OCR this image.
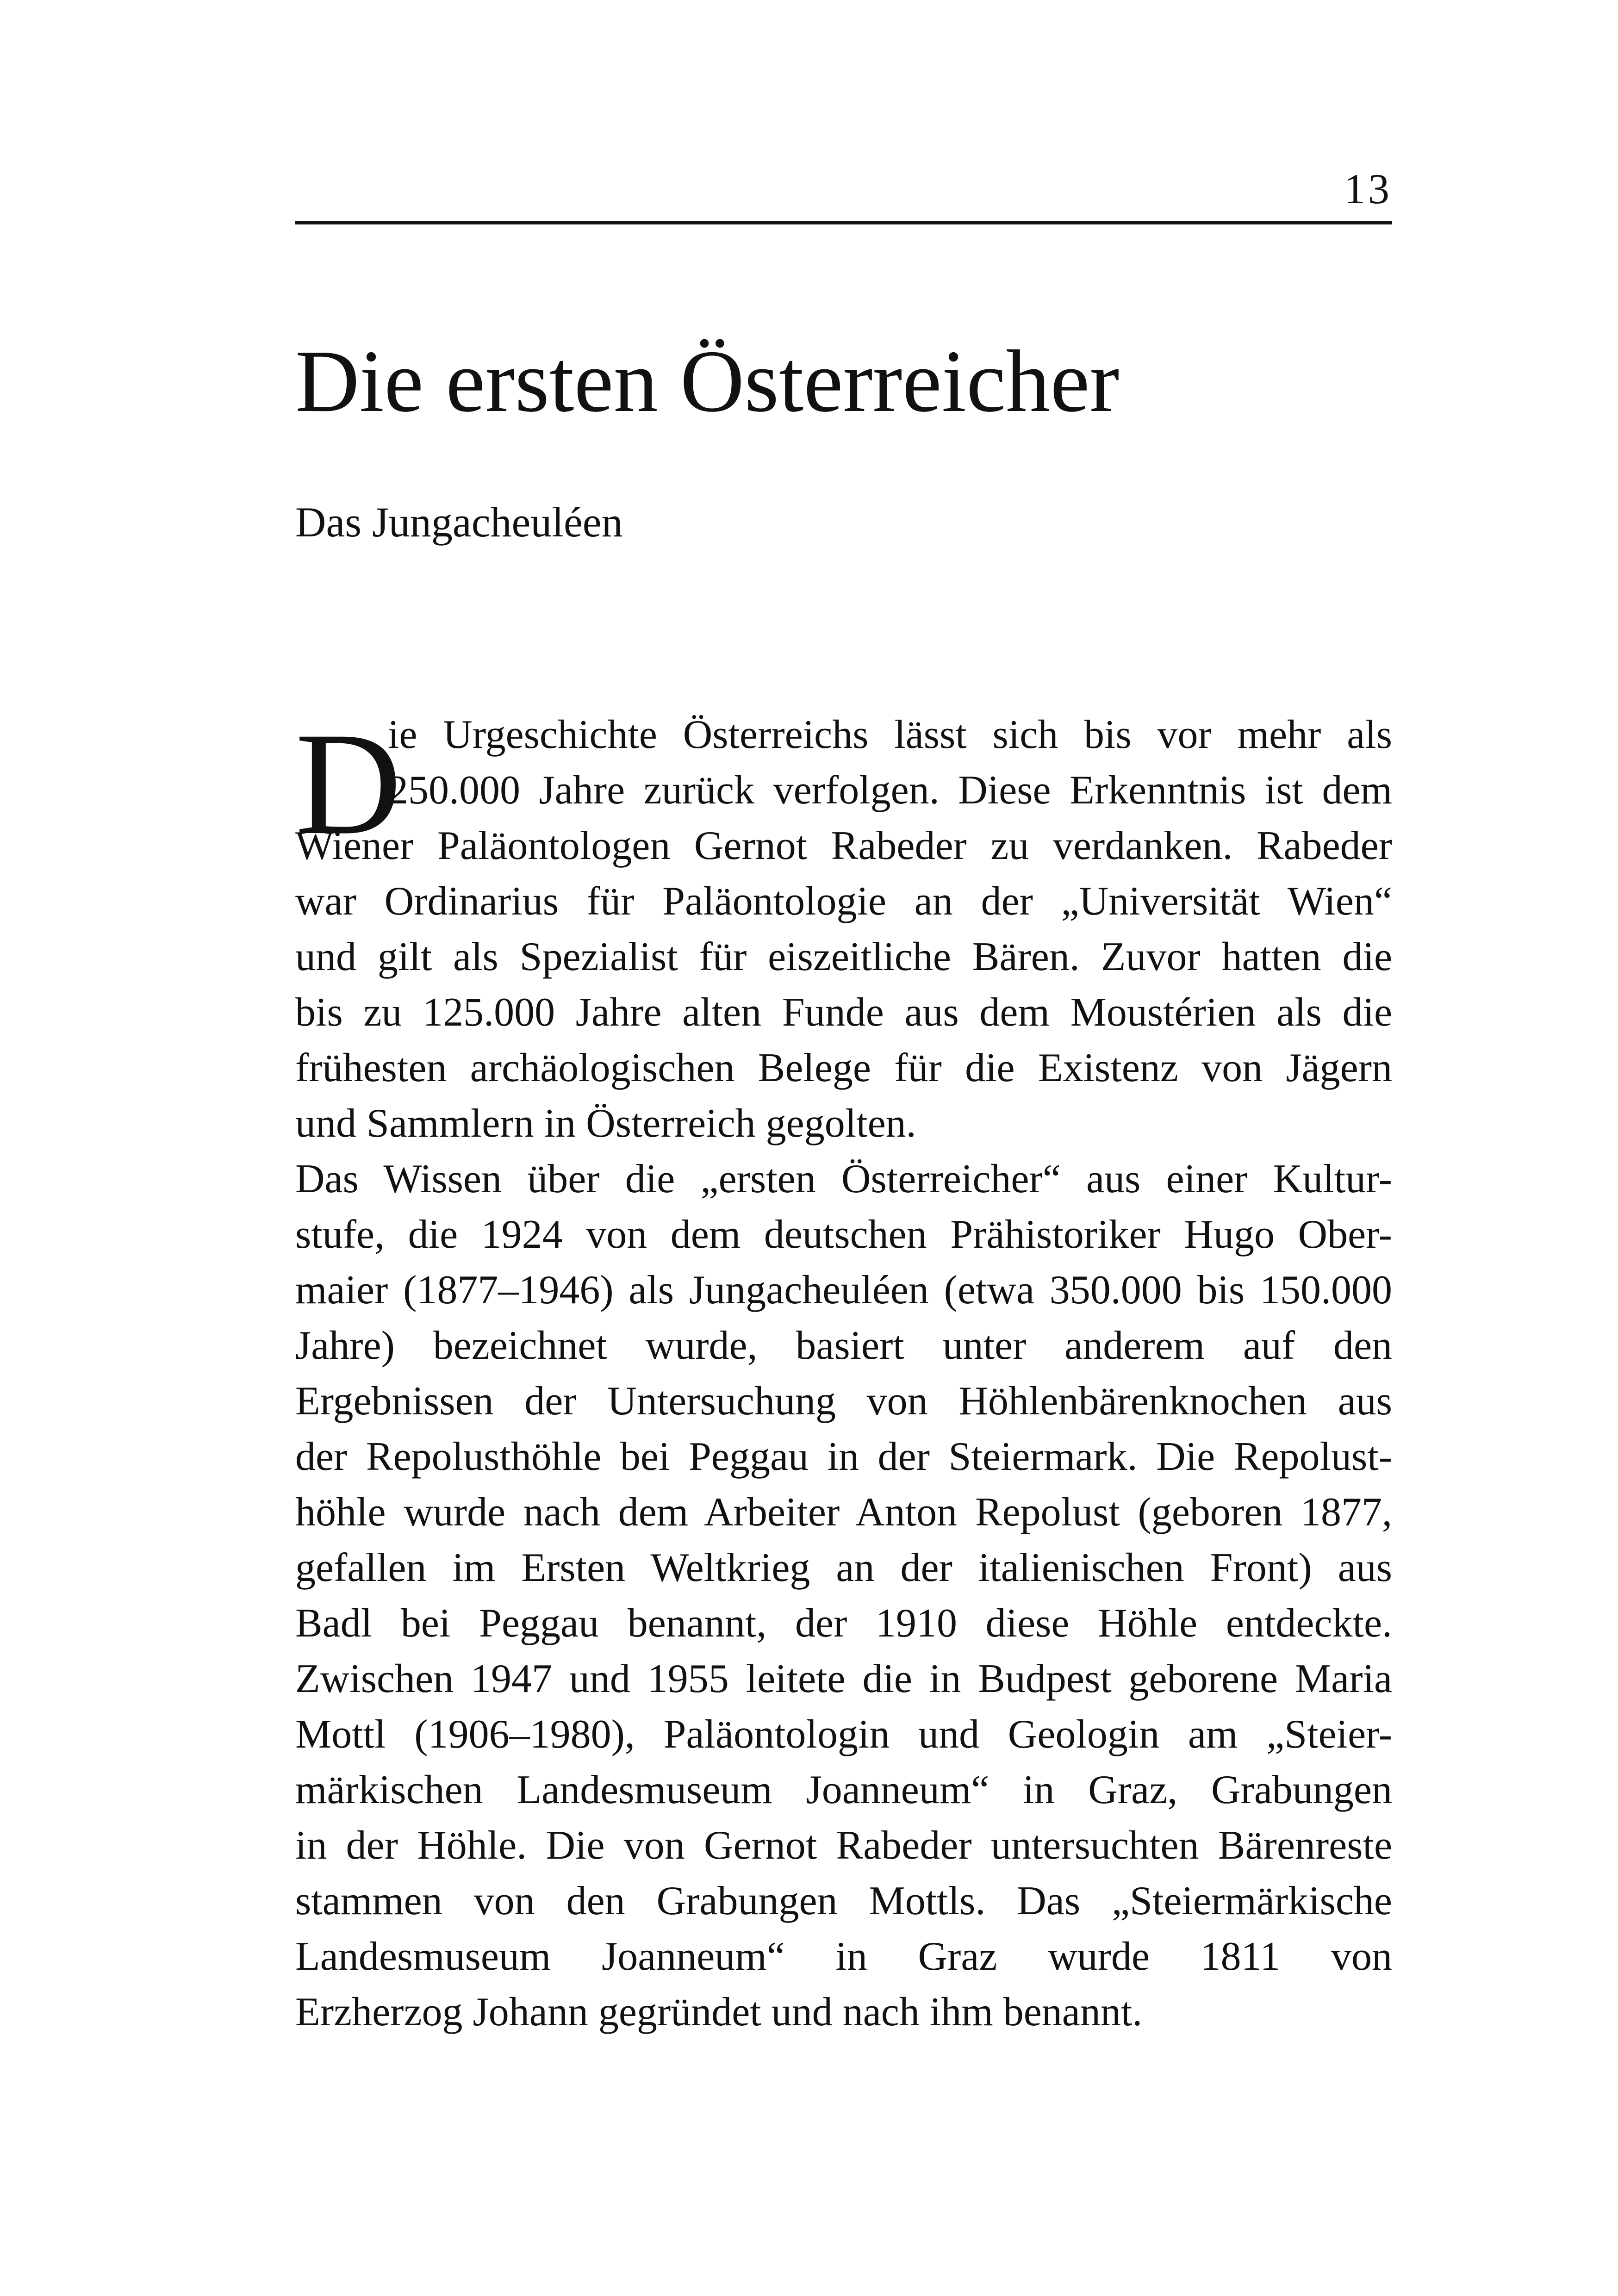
13
Die ersten Österreicher
Das Jungacheuléen
D
ie Urgeschichte Österreichs lässt sich bis vor mehr als
250.000 Jahre zurück verfolgen. Diese Erkenntnis ist dem
Wiener Paläontologen Gernot Rabeder zu verdanken. Rabeder
war Ordinarius für Paläontologie an der „Universität Wien“
und gilt als Spezialist für eiszeitliche Bären. Zuvor hatten die
bis zu 125.000 Jahre alten Funde aus dem Moustérien als die
frühesten archäologischen Belege für die Existenz von Jägern
und Sammlern in Österreich gegolten.
Das Wissen über die „ersten Österreicher“ aus einer Kultur-
stufe, die 1924 von dem deutschen Prähistoriker Hugo Ober-
maier (1877–1946) als Jungacheuléen (etwa 350.000 bis 150.000
Jahre) bezeichnet wurde, basiert unter anderem auf den
Ergebnissen der Untersuchung von Höhlenbärenknochen aus
der Repolusthöhle bei Peggau in der Steiermark. Die Repolust-
höhle wurde nach dem Arbeiter Anton Repolust (geboren 1877,
gefallen im Ersten Weltkrieg an der italienischen Front) aus
Badl bei Peggau benannt, der 1910 diese Höhle entdeckte.
Zwischen 1947 und 1955 leitete die in Budpest geborene Maria
Mottl (1906–1980), Paläontologin und Geologin am „Steier-
märkischen Landesmuseum Joanneum“ in Graz, Grabungen
in der Höhle. Die von Gernot Rabeder untersuchten Bärenreste
stammen von den Grabungen Mottls. Das „Steiermärkische
Landesmuseum Joanneum“ in Graz wurde 1811 von
Erzherzog Johann gegründet und nach ihm benannt.
